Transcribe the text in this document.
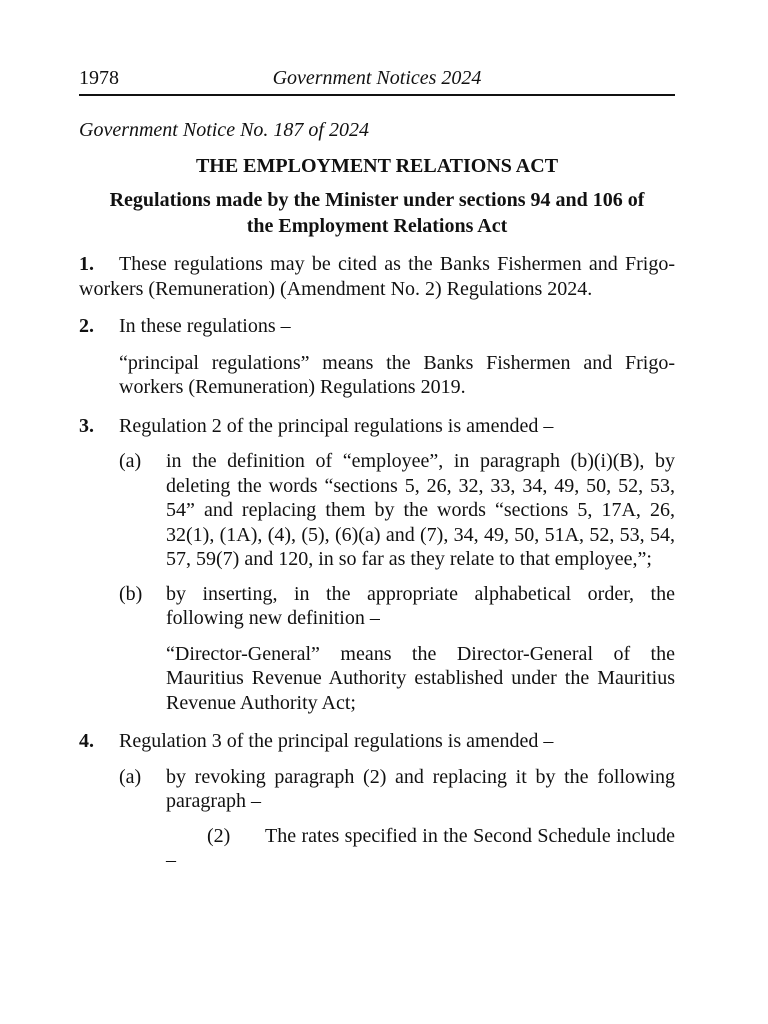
1978	Government Notices 2024

Government Notice No. 187 of 2024

THE EMPLOYMENT RELATIONS ACT

Regulations made by the Minister under sections 94 and 106 of
the Employment Relations Act

1. These regulations may be cited as the Banks Fishermen and Frigo-workers (Remuneration) (Amendment No. 2) Regulations 2024.

2. In these regulations –

“principal regulations” means the Banks Fishermen and Frigo-workers (Remuneration) Regulations 2019.

3. Regulation 2 of the principal regulations is amended –

(a) in the definition of “employee”, in paragraph (b)(i)(B), by deleting the words “sections 5, 26, 32, 33, 34, 49, 50, 52, 53, 54” and replacing them by the words “sections 5, 17A, 26, 32(1), (1A), (4), (5), (6)(a) and (7), 34, 49, 50, 51A, 52, 53, 54, 57, 59(7) and 120, in so far as they relate to that employee,”;

(b) by inserting, in the appropriate alphabetical order, the following new definition –

“Director-General” means the Director-General of the Mauritius Revenue Authority established under the Mauritius Revenue Authority Act;

4. Regulation 3 of the principal regulations is amended –

(a) by revoking paragraph (2) and replacing it by the following paragraph –

(2) The rates specified in the Second Schedule include –
